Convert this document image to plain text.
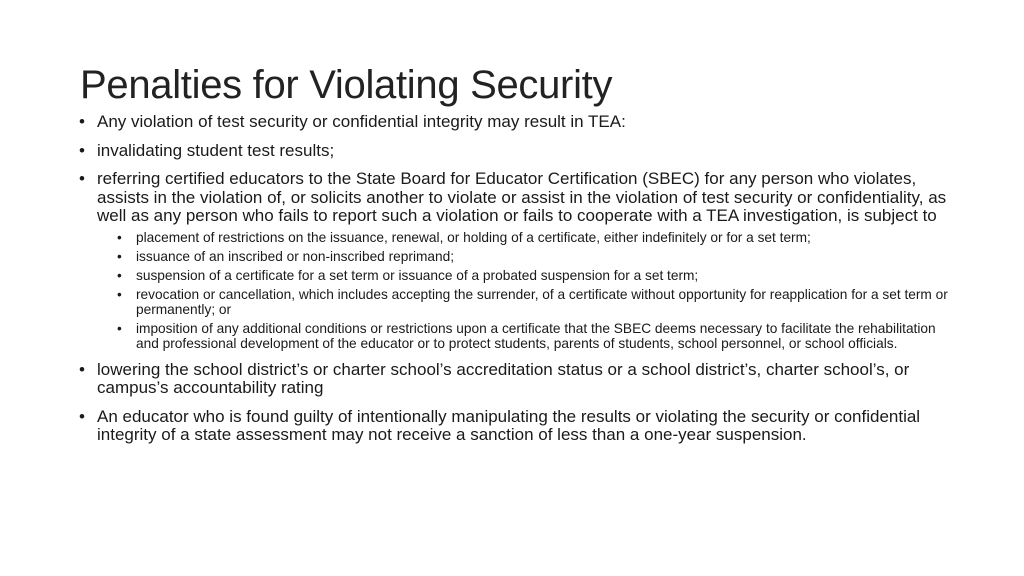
Penalties for Violating Security
• Any violation of test security or confidential integrity may result in TEA:
• invalidating student test results;
• referring certified educators to the State Board for Educator Certification (SBEC) for any person who violates, assists in the violation of, or solicits another to violate or assist in the violation of test security or confidentiality, as well as any person who fails to report such a violation or fails to cooperate with a TEA investigation, is subject to
•	placement of restrictions on the issuance, renewal, or holding of a certificate, either indefinitely or for a set term;
•	issuance of an inscribed or non-inscribed reprimand;
•	suspension of a certificate for a set term or issuance of a probated suspension for a set term;
•	revocation or cancellation, which includes accepting the surrender, of a certificate without opportunity for reapplication for a set term or permanently; or
•	imposition of any additional conditions or restrictions upon a certificate that the SBEC deems necessary to facilitate the rehabilitation and professional development of the educator or to protect students, parents of students, school personnel, or school officials.
• lowering the school district’s or charter school’s accreditation status or a school district’s, charter school’s, or campus’s accountability rating
• An educator who is found guilty of intentionally manipulating the results or violating the security or confidential integrity of a state assessment may not receive a sanction of less than a one-year suspension.
